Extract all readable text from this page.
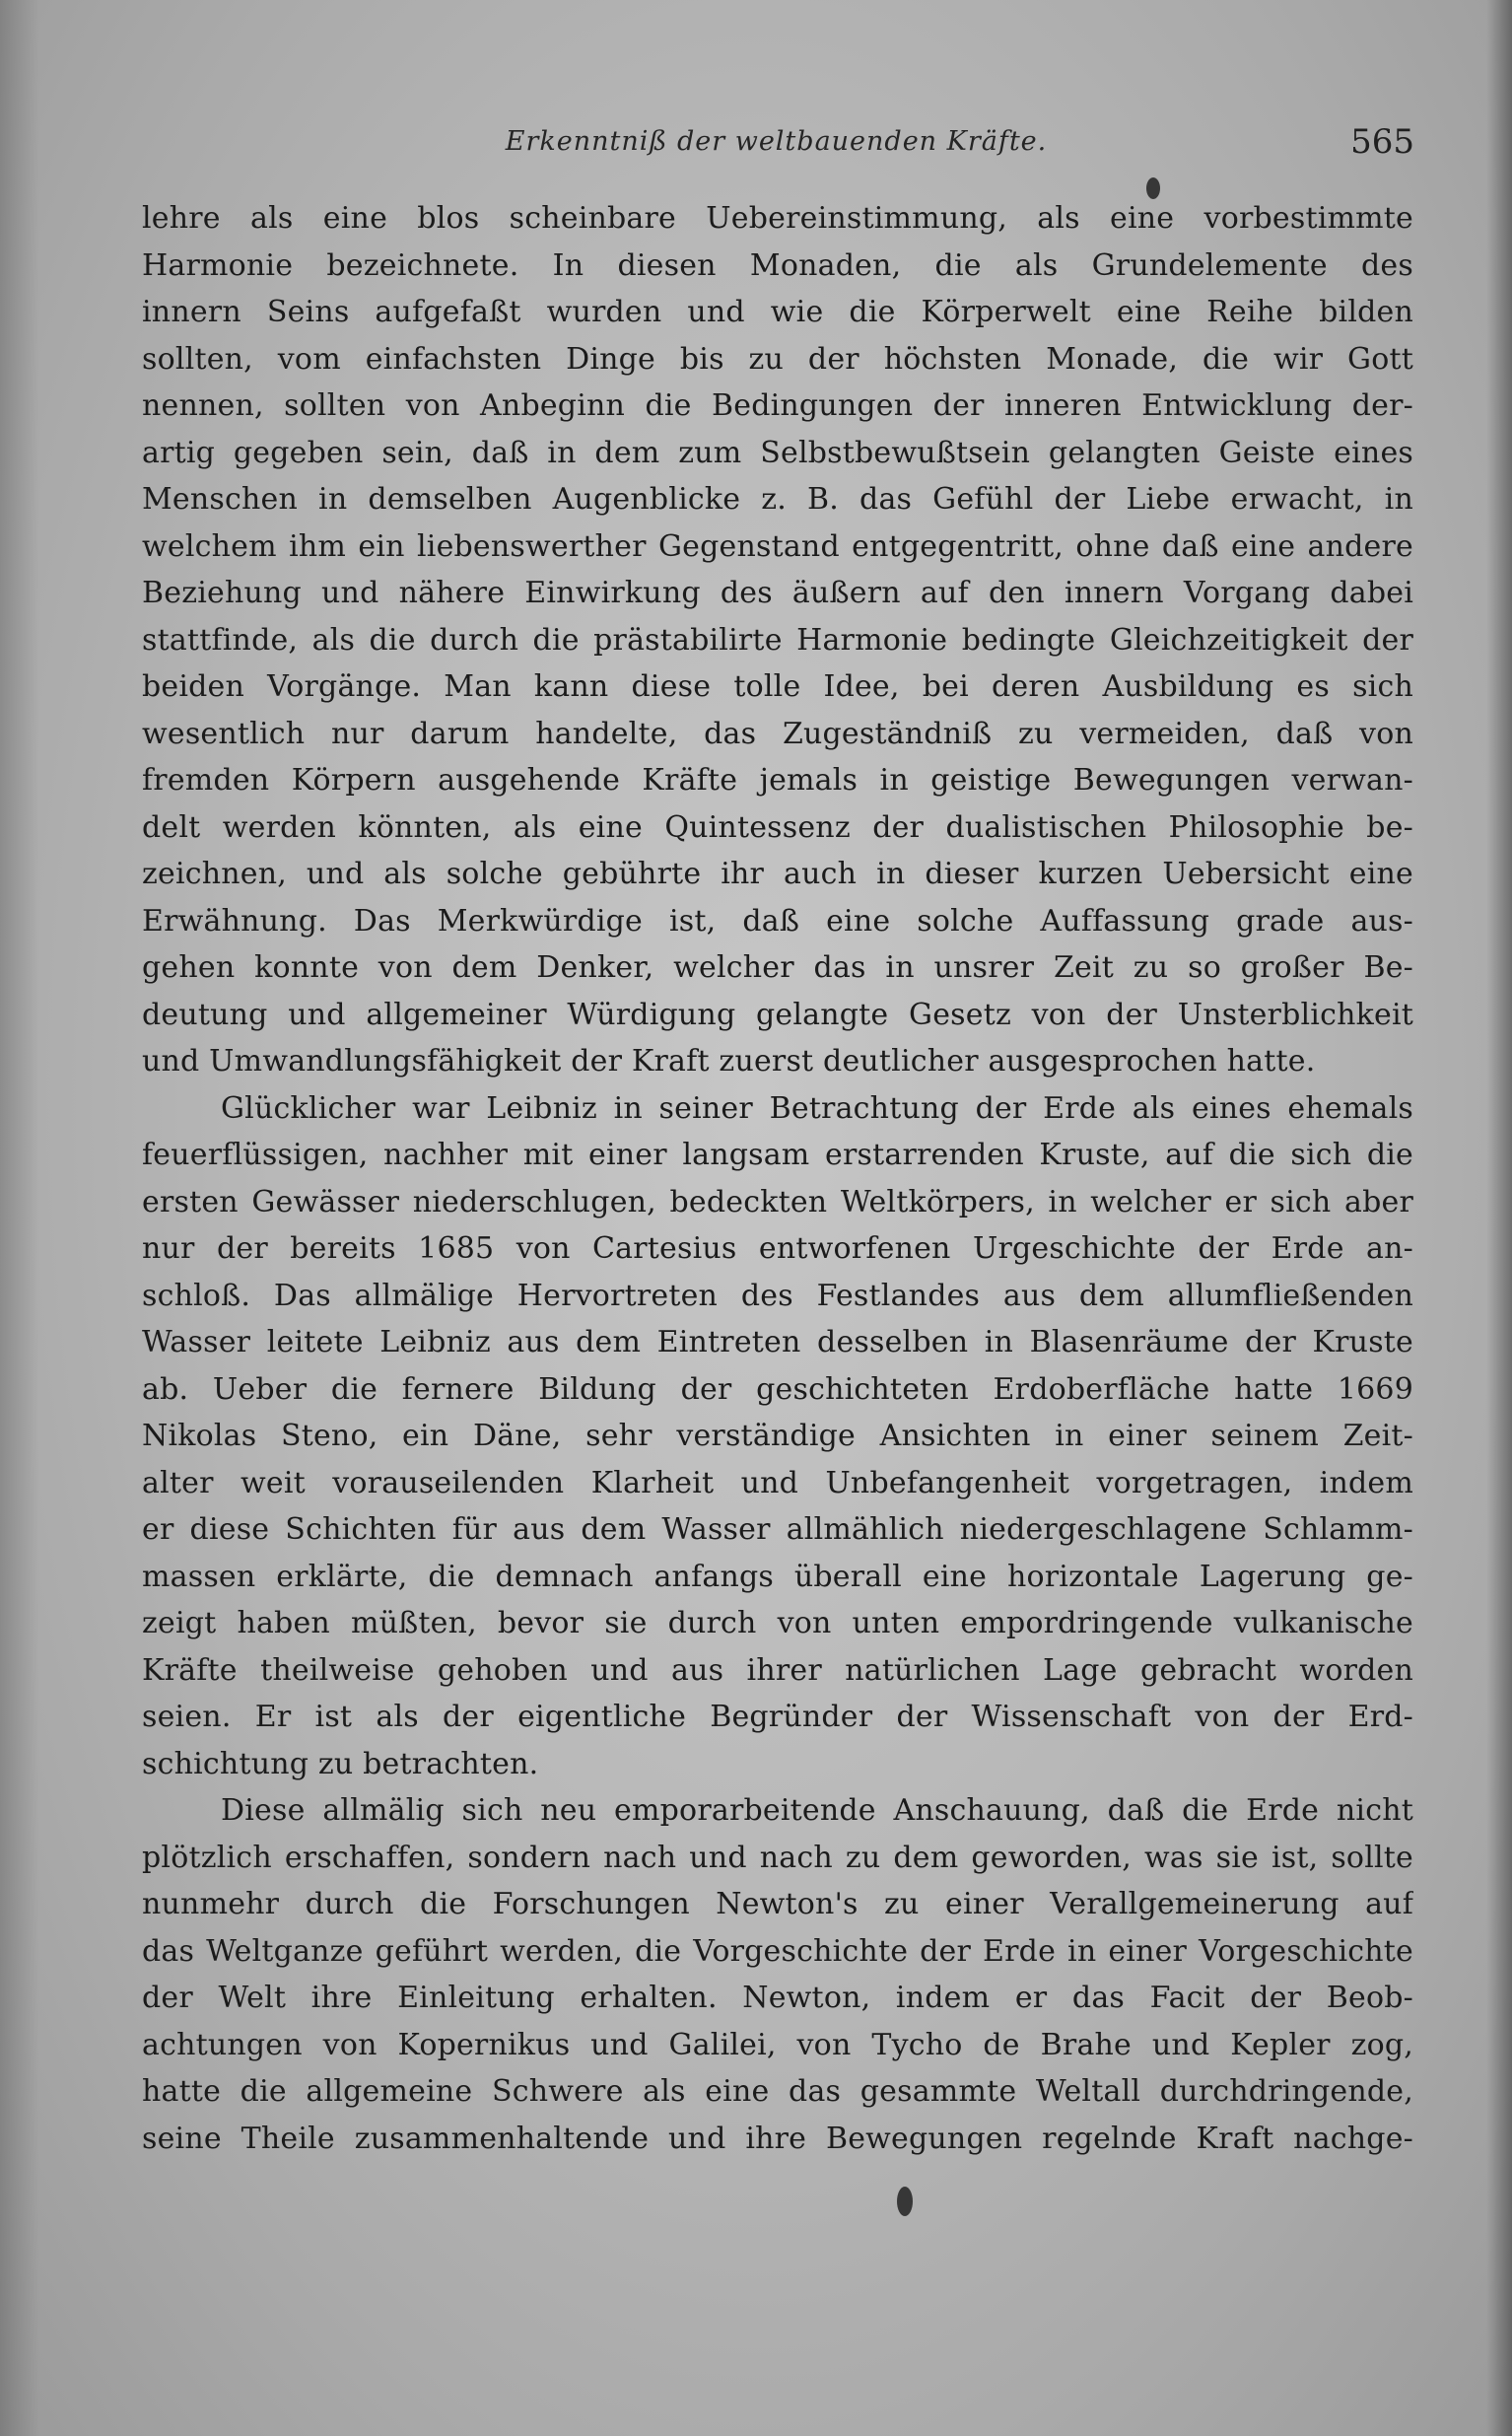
Erkenntniß der weltbauenden Kräfte.	565
lehre als eine blos scheinbare Uebereinstimmung, als eine vorbestimmte
Harmonie bezeichnete. In diesen Monaden, die als Grundelemente des
innern Seins aufgefaßt wurden und wie die Körperwelt eine Reihe bilden
sollten, vom einfachsten Dinge bis zu der höchsten Monade, die wir Gott
nennen, sollten von Anbeginn die Bedingungen der inneren Entwicklung der-
artig gegeben sein, daß in dem zum Selbstbewußtsein gelangten Geiste eines
Menschen in demselben Augenblicke z. B. das Gefühl der Liebe erwacht, in
welchem ihm ein liebenswerther Gegenstand entgegentritt, ohne daß eine andere
Beziehung und nähere Einwirkung des äußern auf den innern Vorgang dabei
stattfinde, als die durch die prästabilirte Harmonie bedingte Gleichzeitigkeit der
beiden Vorgänge. Man kann diese tolle Idee, bei deren Ausbildung es sich
wesentlich nur darum handelte, das Zugeständniß zu vermeiden, daß von
fremden Körpern ausgehende Kräfte jemals in geistige Bewegungen verwan-
delt werden könnten, als eine Quintessenz der dualistischen Philosophie be-
zeichnen, und als solche gebührte ihr auch in dieser kurzen Uebersicht eine
Erwähnung. Das Merkwürdige ist, daß eine solche Auffassung grade aus-
gehen konnte von dem Denker, welcher das in unsrer Zeit zu so großer Be-
deutung und allgemeiner Würdigung gelangte Gesetz von der Unsterblichkeit
und Umwandlungsfähigkeit der Kraft zuerst deutlicher ausgesprochen hatte.
Glücklicher war Leibniz in seiner Betrachtung der Erde als eines ehemals
feuerflüssigen, nachher mit einer langsam erstarrenden Kruste, auf die sich die
ersten Gewässer niederschlugen, bedeckten Weltkörpers, in welcher er sich aber
nur der bereits 1685 von Cartesius entworfenen Urgeschichte der Erde an-
schloß. Das allmälige Hervortreten des Festlandes aus dem allumfließenden
Wasser leitete Leibniz aus dem Eintreten desselben in Blasenräume der Kruste
ab. Ueber die fernere Bildung der geschichteten Erdoberfläche hatte 1669
Nikolas Steno, ein Däne, sehr verständige Ansichten in einer seinem Zeit-
alter weit vorauseilenden Klarheit und Unbefangenheit vorgetragen, indem
er diese Schichten für aus dem Wasser allmählich niedergeschlagene Schlamm-
massen erklärte, die demnach anfangs überall eine horizontale Lagerung ge-
zeigt haben müßten, bevor sie durch von unten empordringende vulkanische
Kräfte theilweise gehoben und aus ihrer natürlichen Lage gebracht worden
seien. Er ist als der eigentliche Begründer der Wissenschaft von der Erd-
schichtung zu betrachten.
Diese allmälig sich neu emporarbeitende Anschauung, daß die Erde nicht
plötzlich erschaffen, sondern nach und nach zu dem geworden, was sie ist, sollte
nunmehr durch die Forschungen Newton's zu einer Verallgemeinerung auf
das Weltganze geführt werden, die Vorgeschichte der Erde in einer Vorgeschichte
der Welt ihre Einleitung erhalten. Newton, indem er das Facit der Beob-
achtungen von Kopernikus und Galilei, von Tycho de Brahe und Kepler zog,
hatte die allgemeine Schwere als eine das gesammte Weltall durchdringende,
seine Theile zusammenhaltende und ihre Bewegungen regelnde Kraft nachge-
